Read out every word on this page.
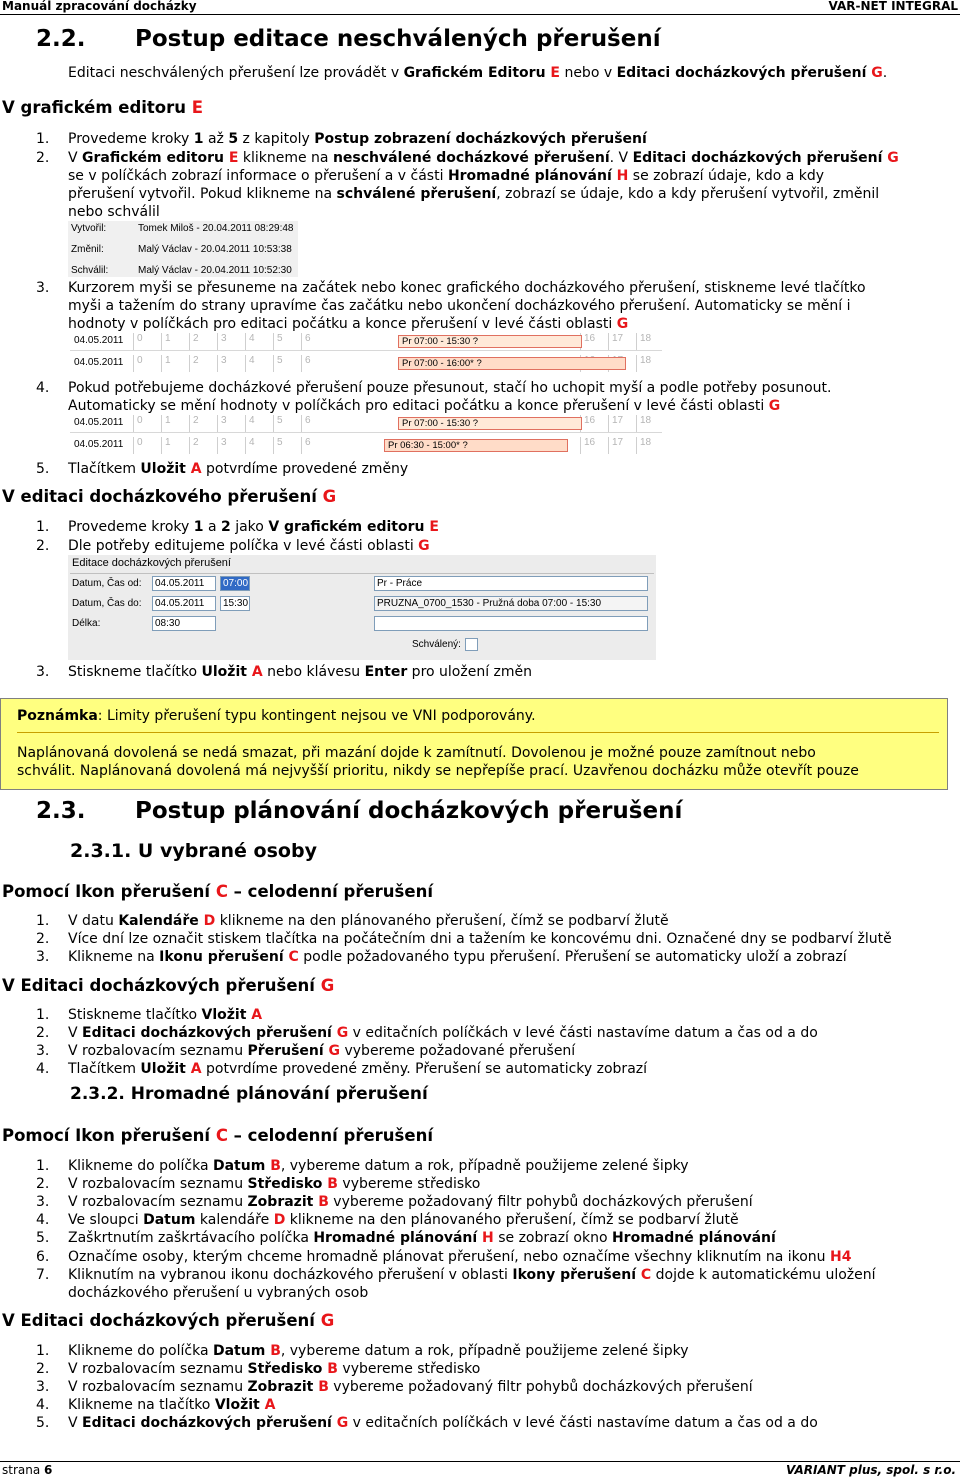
Manuál zpracování docházky	VAR-NET INTEGRAL
2.2. Postup editace neschválených přerušení
Editaci neschválených přerušení lze provádět v Grafickém Editoru E nebo v Editaci docházkových přerušení G.
V grafickém editoru E
1. Provedeme kroky 1 až 5 z kapitoly Postup zobrazení docházkových přerušení
2. V Grafickém editoru E klikneme na neschválené docházkové přerušení. V Editaci docházkových přerušení G
se v políčkách zobrazí informace o přerušení a v části Hromadné plánování H se zobrazí údaje, kdo a kdy
přerušení vytvořil. Pokud klikneme na schválené přerušení, zobrazí se údaje, kdo a kdy přerušení vytvořil, změnil
nebo schválil
Vytvořil:	Tomek Miloš - 20.04.2011 08:29:48
Změnil:	Malý Václav - 20.04.2011 10:53:38
Schválil:	Malý Václav - 20.04.2011 10:52:30
3. Kurzorem myši se přesuneme na začátek nebo konec grafického docházkového přerušení, stiskneme levé tlačítko
myši a tažením do strany upravíme čas začátku nebo ukončení docházkového přerušení. Automaticky se mění i
hodnoty v políčkách pro editaci počátku a konce přerušení v levé části oblasti G
04.05.2011	0	1	2	3	4	5	6	16	17	18
Pr 07:00 - 15:30 ?
04.05.2011	0	1	2	3	4	5	6	18
Pr 07:00 - 16:00* ?
4. Pokud potřebujeme docházkové přerušení pouze přesunout, stačí ho uchopit myší a podle potřeby posunout.
Automaticky se mění hodnoty v políčkách pro editaci počátku a konce přerušení v levé části oblasti G
04.05.2011	0	1	2	3	4	5	6	16	17	18
Pr 07:00 - 15:30 ?
04.05.2011	0	1	2	3	4	5	6	16	17	18
Pr 06:30 - 15:00* ?
5. Tlačítkem Uložit A potvrdíme provedené změny
V editaci docházkového přerušení G
1. Provedeme kroky 1 a 2 jako V grafickém editoru E
2. Dle potřeby editujeme políčka v levé části oblasti G
Editace docházkových přerušení
Datum, Čas od:	04.05.2011	07:00	Pr - Práce
Datum, Čas do:	04.05.2011	15:30	PRUZNA_0700_1530 - Pružná doba 07:00 - 15:30
Délka:	08:30
Schválený:
3. Stiskneme tlačítko Uložit A nebo klávesu Enter pro uložení změn
Poznámka: Limity přerušení typu kontingent nejsou ve VNI podporovány.
Naplánovaná dovolená se nedá smazat, při mazání dojde k zamítnutí. Dovolenou je možné pouze zamítnout nebo
schválit. Naplánovaná dovolená má nejvyšší prioritu, nikdy se nepřepíše prací. Uzavřenou docházku může otevřít pouze
2.3. Postup plánování docházkových přerušení
2.3.1. U vybrané osoby
Pomocí Ikon přerušení C – celodenní přerušení
1. V datu Kalendáře D klikneme na den plánovaného přerušení, čímž se podbarví žlutě
2. Více dní lze označit stiskem tlačítka na počátečním dni a tažením ke koncovému dni. Označené dny se podbarví žlutě
3. Klikneme na Ikonu přerušení C podle požadovaného typu přerušení. Přerušení se automaticky uloží a zobrazí
V Editaci docházkových přerušení G
1. Stiskneme tlačítko Vložit A
2. V Editaci docházkových přerušení G v editačních políčkách v levé části nastavíme datum a čas od a do
3. V rozbalovacím seznamu Přerušení G vybereme požadované přerušení
4. Tlačítkem Uložit A potvrdíme provedené změny. Přerušení se automaticky zobrazí
2.3.2. Hromadné plánování přerušení
Pomocí Ikon přerušení C – celodenní přerušení
1. Klikneme do políčka Datum B, vybereme datum a rok, případně použijeme zelené šipky
2. V rozbalovacím seznamu Středisko B vybereme středisko
3. V rozbalovacím seznamu Zobrazit B vybereme požadovaný filtr pohybů docházkových přerušení
4. Ve sloupci Datum kalendáře D klikneme na den plánovaného přerušení, čímž se podbarví žlutě
5. Zaškrtnutím zaškrtávacího políčka Hromadné plánování H se zobrazí okno Hromadné plánování
6. Označíme osoby, kterým chceme hromadně plánovat přerušení, nebo označíme všechny kliknutím na ikonu H4
7. Kliknutím na vybranou ikonu docházkového přerušení v oblasti Ikony přerušení C dojde k automatickému uložení
docházkového přerušení u vybraných osob
V Editaci docházkových přerušení G
1. Klikneme do políčka Datum B, vybereme datum a rok, případně použijeme zelené šipky
2. V rozbalovacím seznamu Středisko B vybereme středisko
3. V rozbalovacím seznamu Zobrazit B vybereme požadovaný filtr pohybů docházkových přerušení
4. Klikneme na tlačítko Vložit A
5. V Editaci docházkových přerušení G v editačních políčkách v levé části nastavíme datum a čas od a do
strana 6	VARIANT plus, spol. s r.o.
